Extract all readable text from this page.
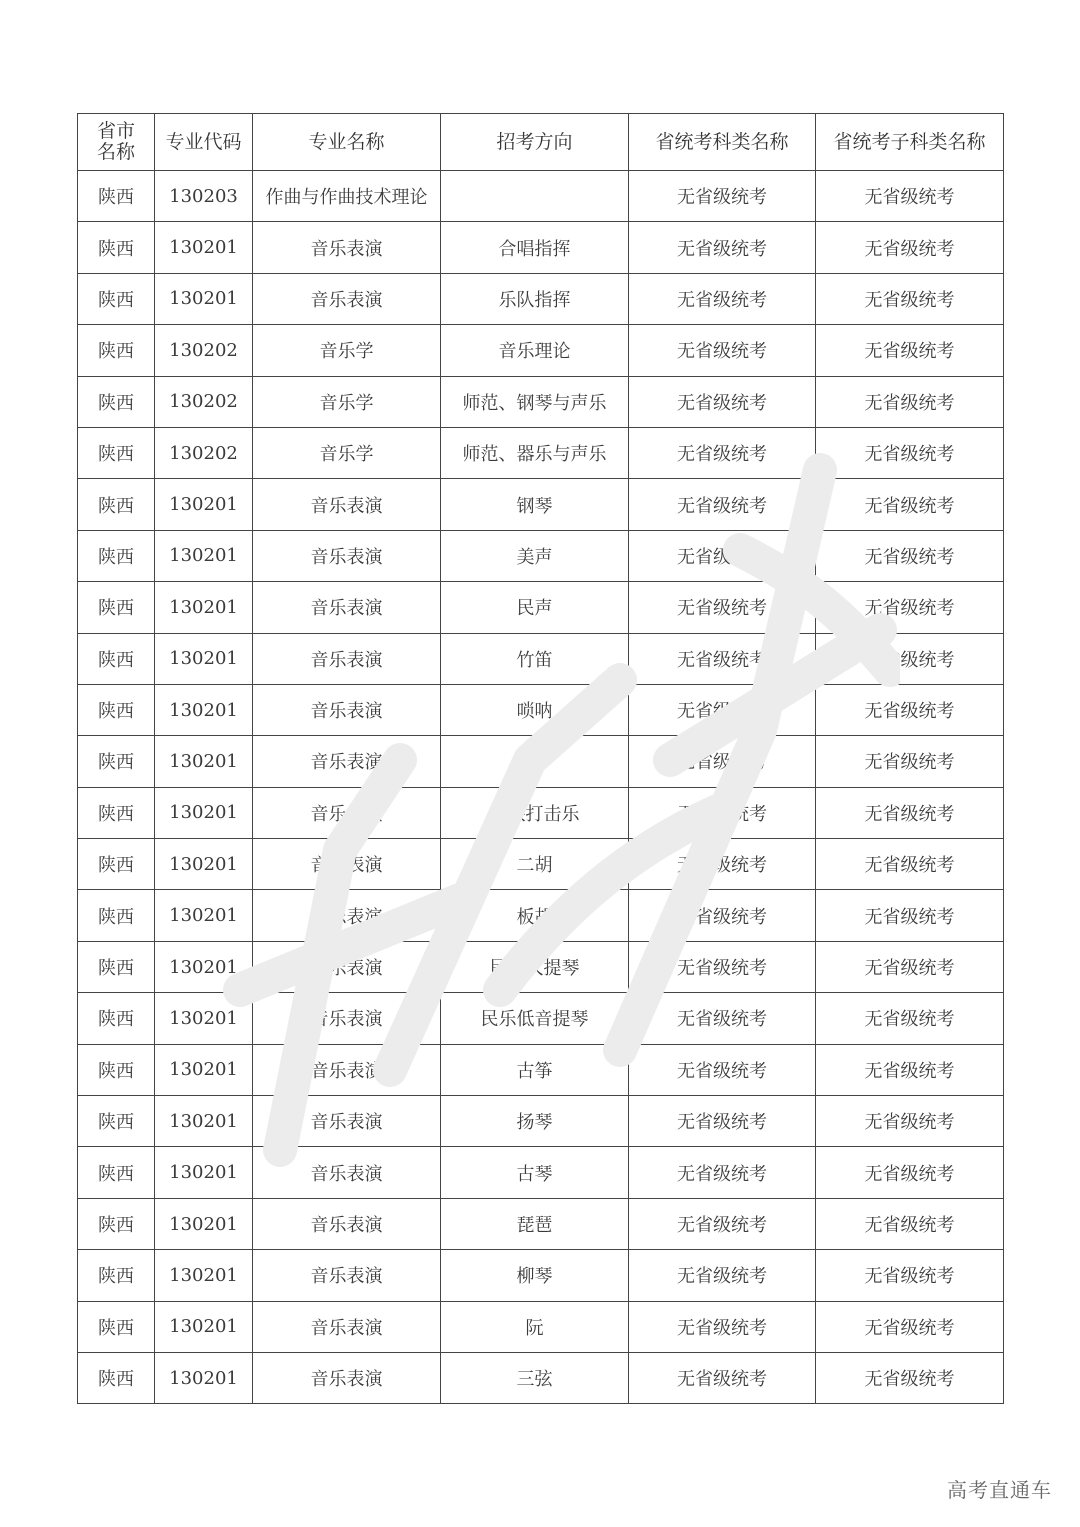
省市
名称	专业代码	专业名称	招考方向	省统考科类名称	省统考子科类名称
陕西	130203	作曲与作曲技术理论		无省级统考	无省级统考
陕西	130201	音乐表演	合唱指挥	无省级统考	无省级统考
陕西	130201	音乐表演	乐队指挥	无省级统考	无省级统考
陕西	130202	音乐学	音乐理论	无省级统考	无省级统考
陕西	130202	音乐学	师范、钢琴与声乐	无省级统考	无省级统考
陕西	130202	音乐学	师范、器乐与声乐	无省级统考	无省级统考
陕西	130201	音乐表演	钢琴	无省级统考	无省级统考
陕西	130201	音乐表演	美声	无省级统考	无省级统考
陕西	130201	音乐表演	民声	无省级统考	无省级统考
陕西	130201	音乐表演	竹笛	无省级统考	无省级统考
陕西	130201	音乐表演	唢呐	无省级统考	无省级统考
陕西	130201	音乐表演	笙	无省级统考	无省级统考
陕西	130201	音乐表演	民族打击乐	无省级统考	无省级统考
陕西	130201	音乐表演	二胡	无省级统考	无省级统考
陕西	130201	音乐表演	板胡	无省级统考	无省级统考
陕西	130201	音乐表演	民乐大提琴	无省级统考	无省级统考
陕西	130201	音乐表演	民乐低音提琴	无省级统考	无省级统考
陕西	130201	音乐表演	古筝	无省级统考	无省级统考
陕西	130201	音乐表演	扬琴	无省级统考	无省级统考
陕西	130201	音乐表演	古琴	无省级统考	无省级统考
陕西	130201	音乐表演	琵琶	无省级统考	无省级统考
陕西	130201	音乐表演	柳琴	无省级统考	无省级统考
陕西	130201	音乐表演	阮	无省级统考	无省级统考
陕西	130201	音乐表演	三弦	无省级统考	无省级统考
高考直通车
